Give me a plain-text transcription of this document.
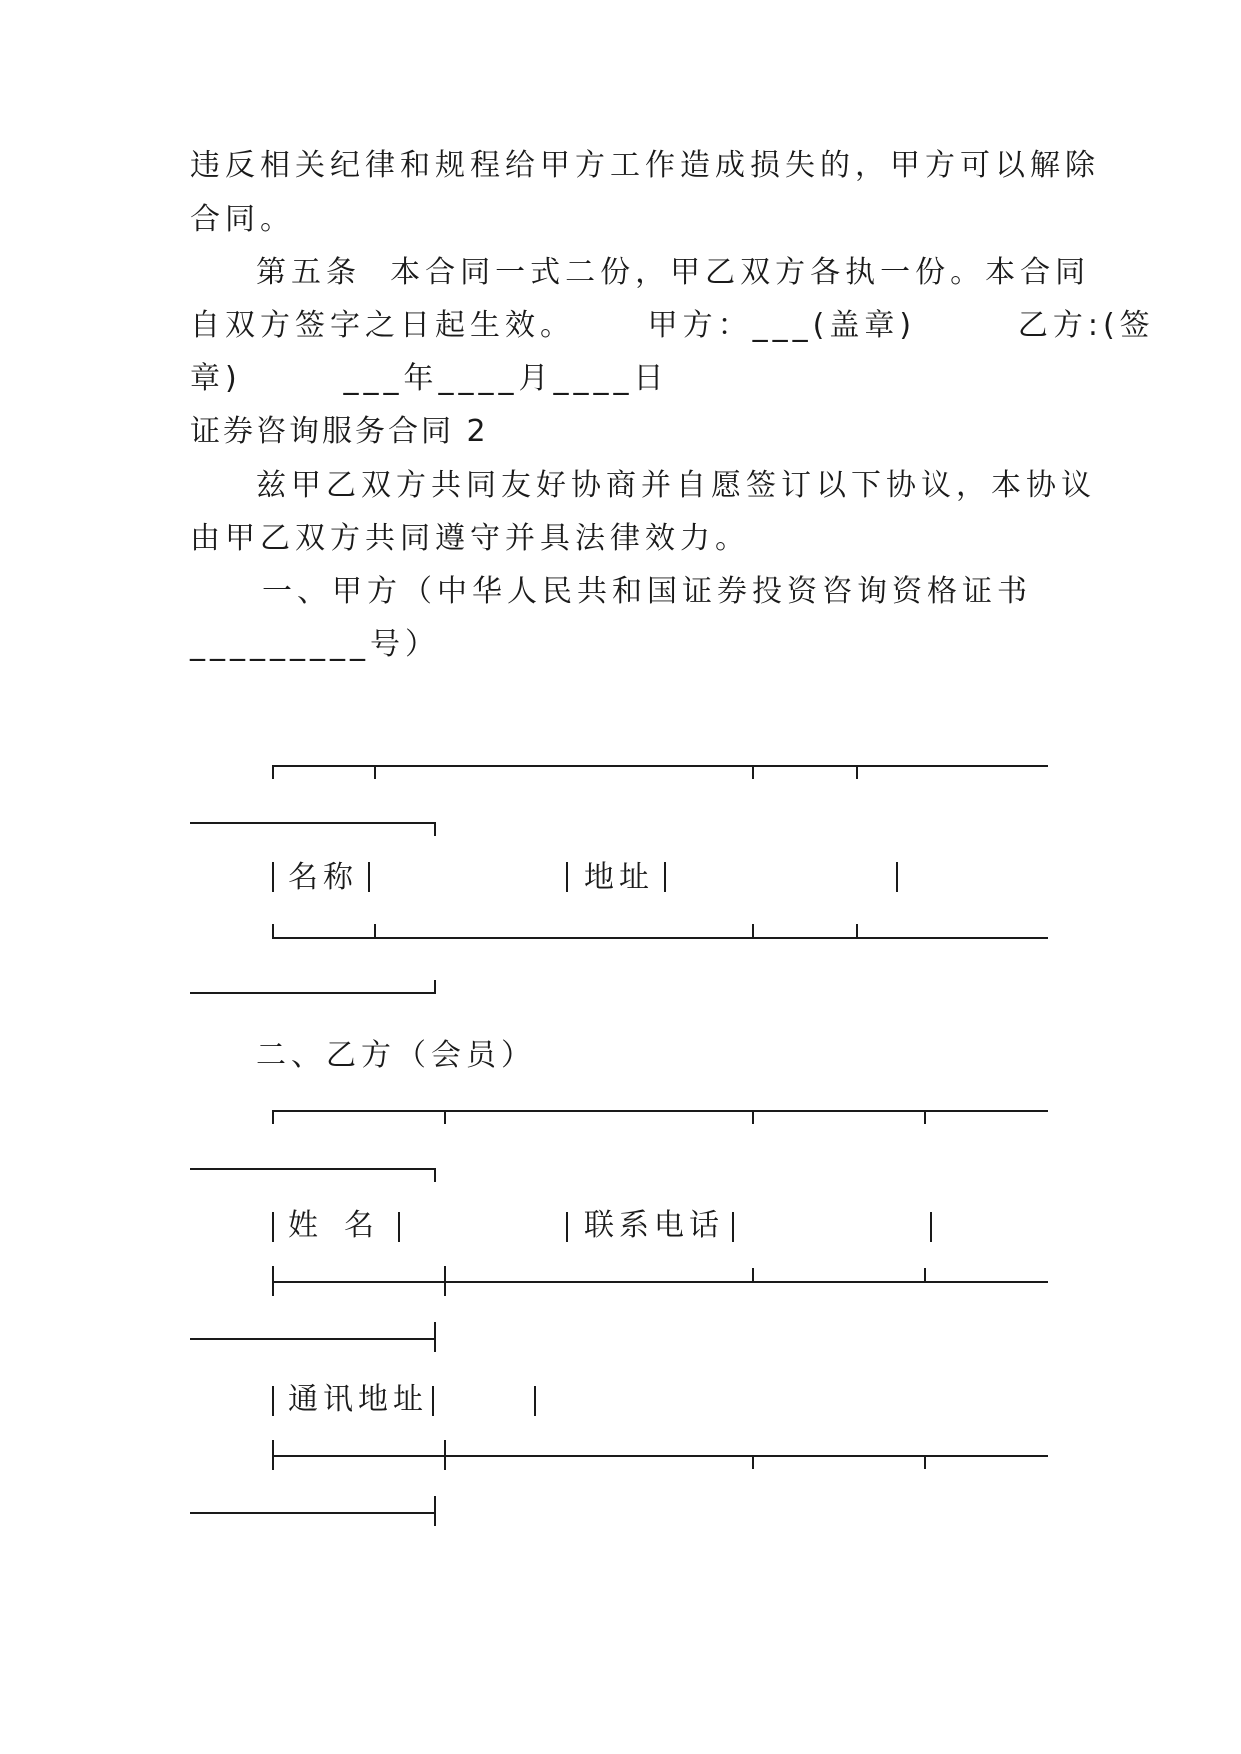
违反相关纪律和规程给甲方工作造成损失的，甲方可以解除
合同。
第五条  本合同一式二份，甲乙双方各执一份。本合同
自双方签字之日起生效。     甲方：___(盖章)       乙方:(签
章)       ___年____月____日
证券咨询服务合同 2
兹甲乙双方共同友好协商并自愿签订以下协议，本协议
由甲乙双方共同遵守并具法律效力。
一、甲方（中华人民共和国证券投资咨询资格证书
_________号）
名称	地址
二、乙方（会员）
姓名	联系电话
通讯地址
